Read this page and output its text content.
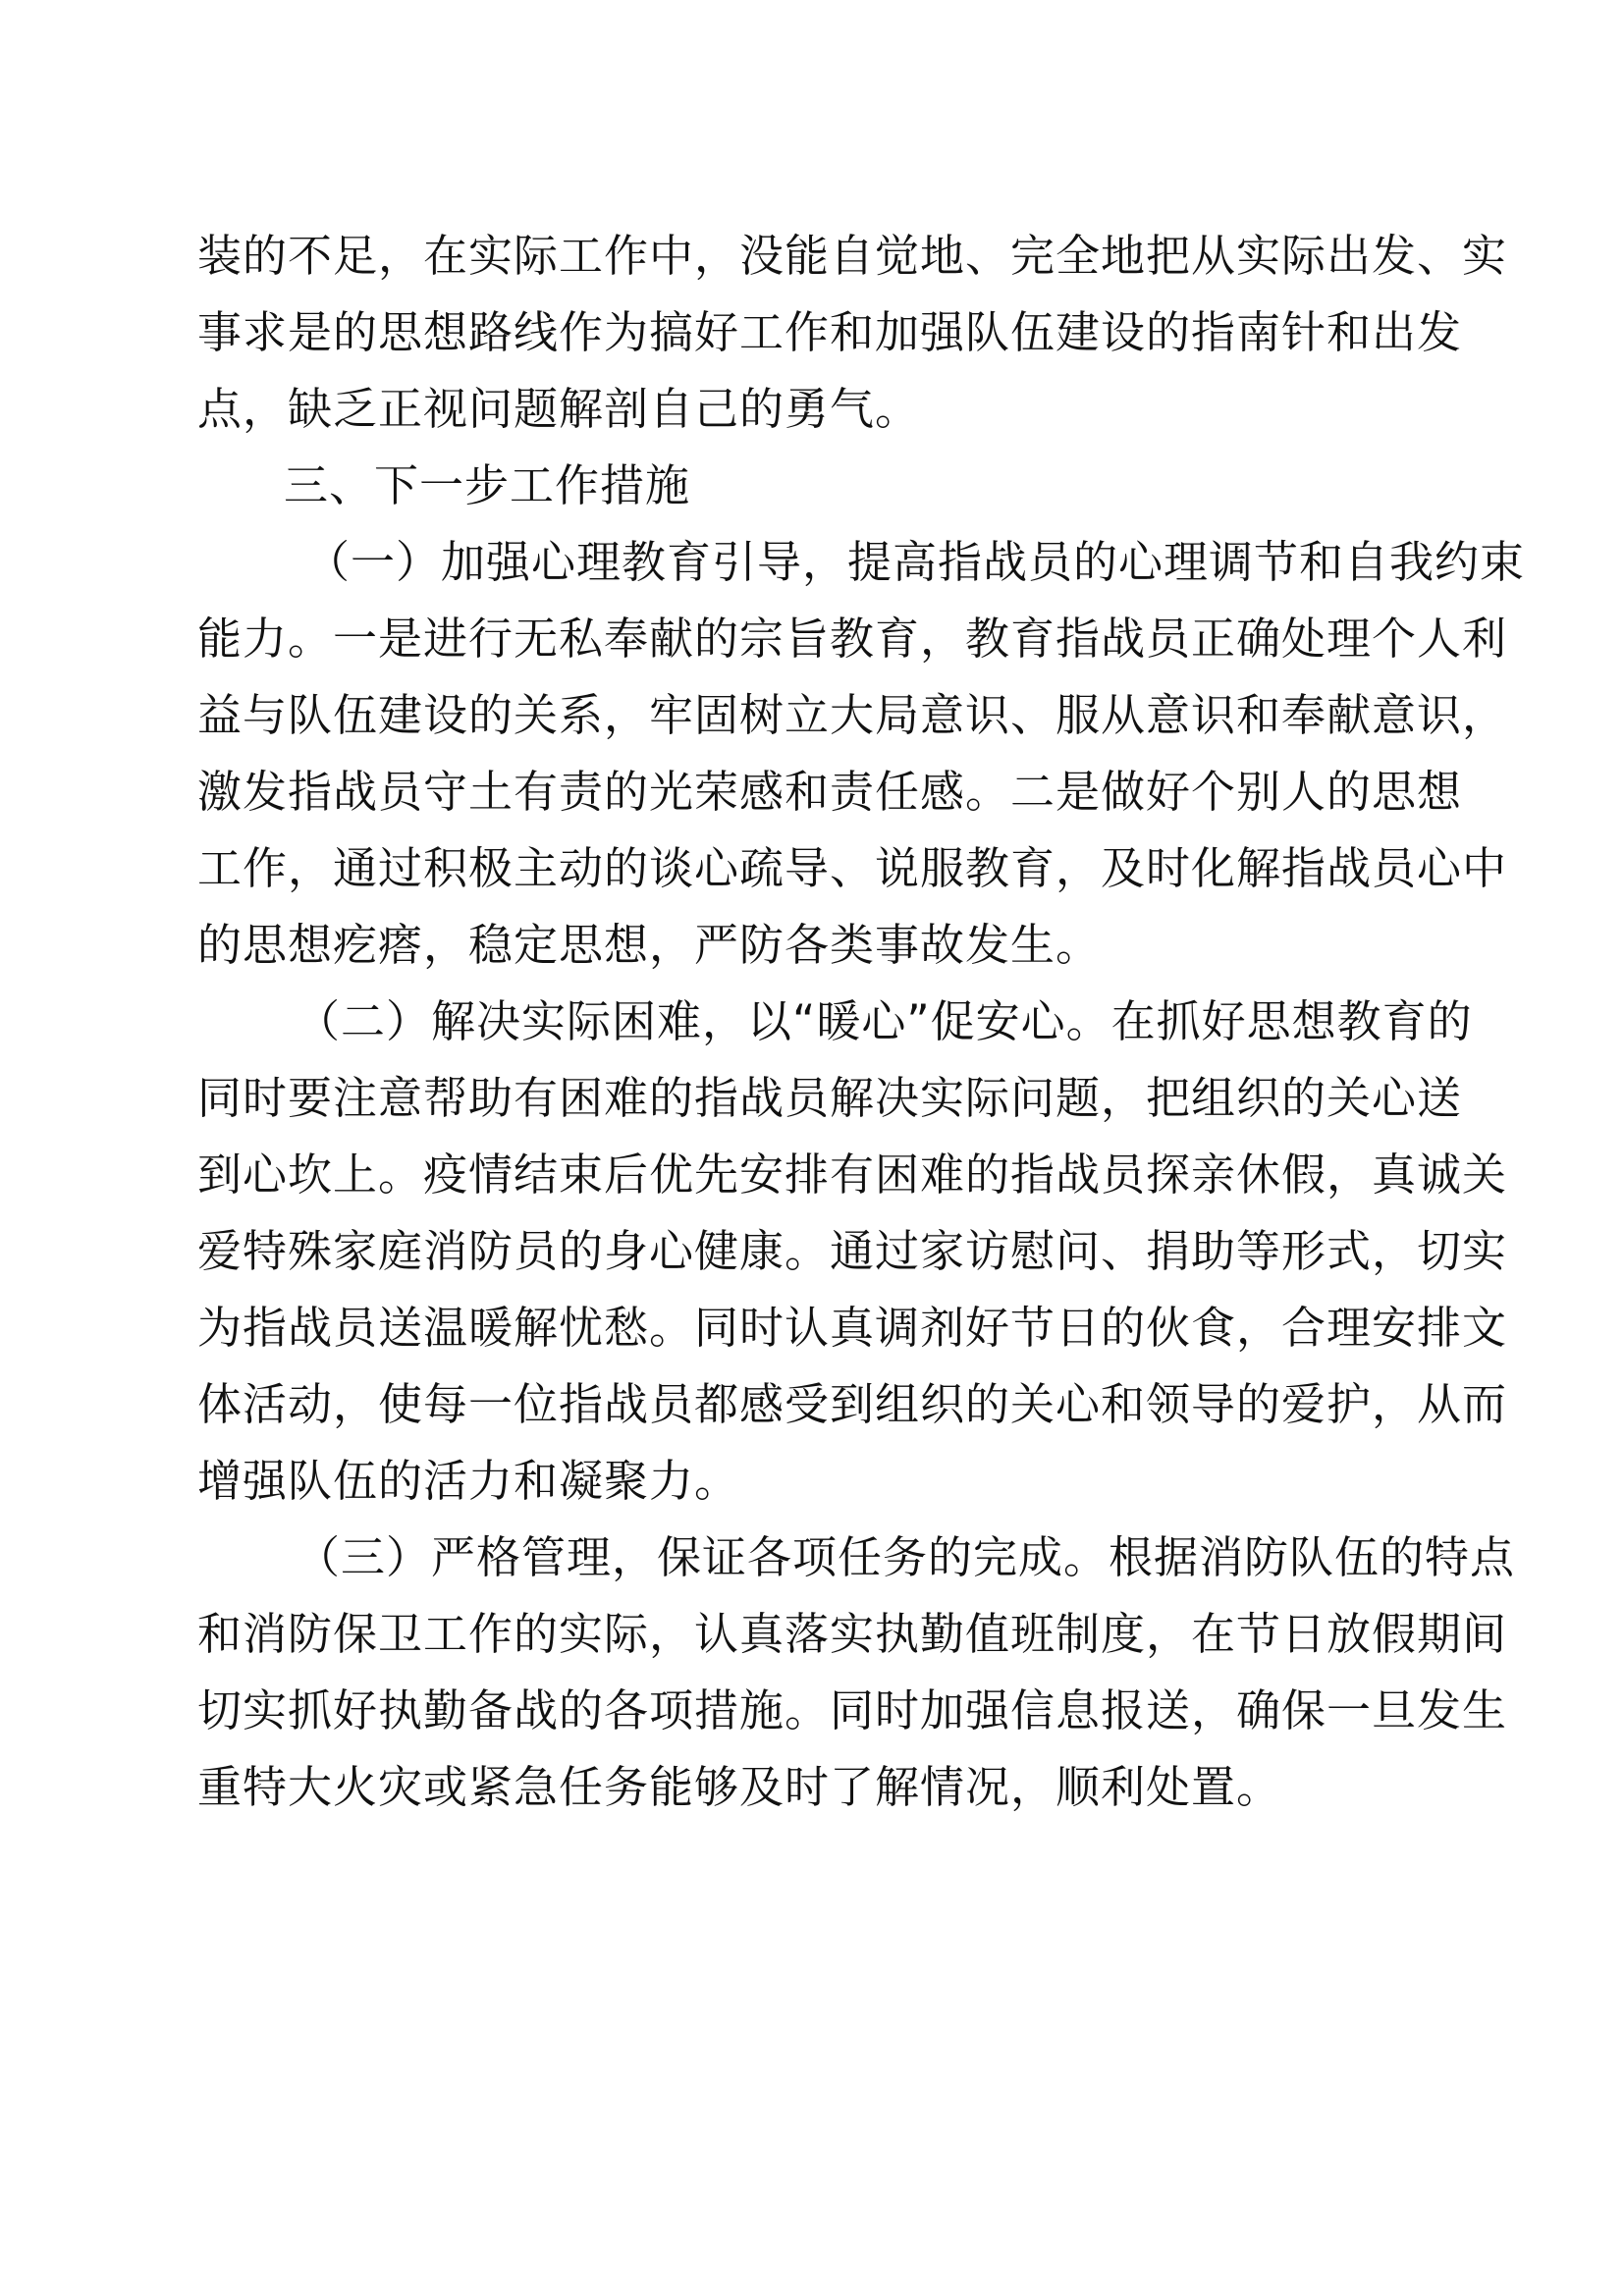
装的不足，在实际工作中，没能自觉地、完全地把从实际出发、实
事求是的思想路线作为搞好工作和加强队伍建设的指南针和出发
点，缺乏正视问题解剖自己的勇气。
三、下一步工作措施
（一）加强心理教育引导，提高指战员的心理调节和自我约束
能力。一是进行无私奉献的宗旨教育，教育指战员正确处理个人利
益与队伍建设的关系，牢固树立大局意识、服从意识和奉献意识，
激发指战员守土有责的光荣感和责任感。二是做好个别人的思想
工作，通过积极主动的谈心疏导、说服教育，及时化解指战员心中
的思想疙瘩，稳定思想，严防各类事故发生。
（二）解决实际困难，以“暖心”促安心。在抓好思想教育的
同时要注意帮助有困难的指战员解决实际问题，把组织的关心送
到心坎上。疫情结束后优先安排有困难的指战员探亲休假，真诚关
爱特殊家庭消防员的身心健康。通过家访慰问、捐助等形式，切实
为指战员送温暖解忧愁。同时认真调剂好节日的伙食，合理安排文
体活动，使每一位指战员都感受到组织的关心和领导的爱护，从而
增强队伍的活力和凝聚力。
（三）严格管理，保证各项任务的完成。根据消防队伍的特点
和消防保卫工作的实际，认真落实执勤值班制度，在节日放假期间
切实抓好执勤备战的各项措施。同时加强信息报送，确保一旦发生
重特大火灾或紧急任务能够及时了解情况，顺利处置。
